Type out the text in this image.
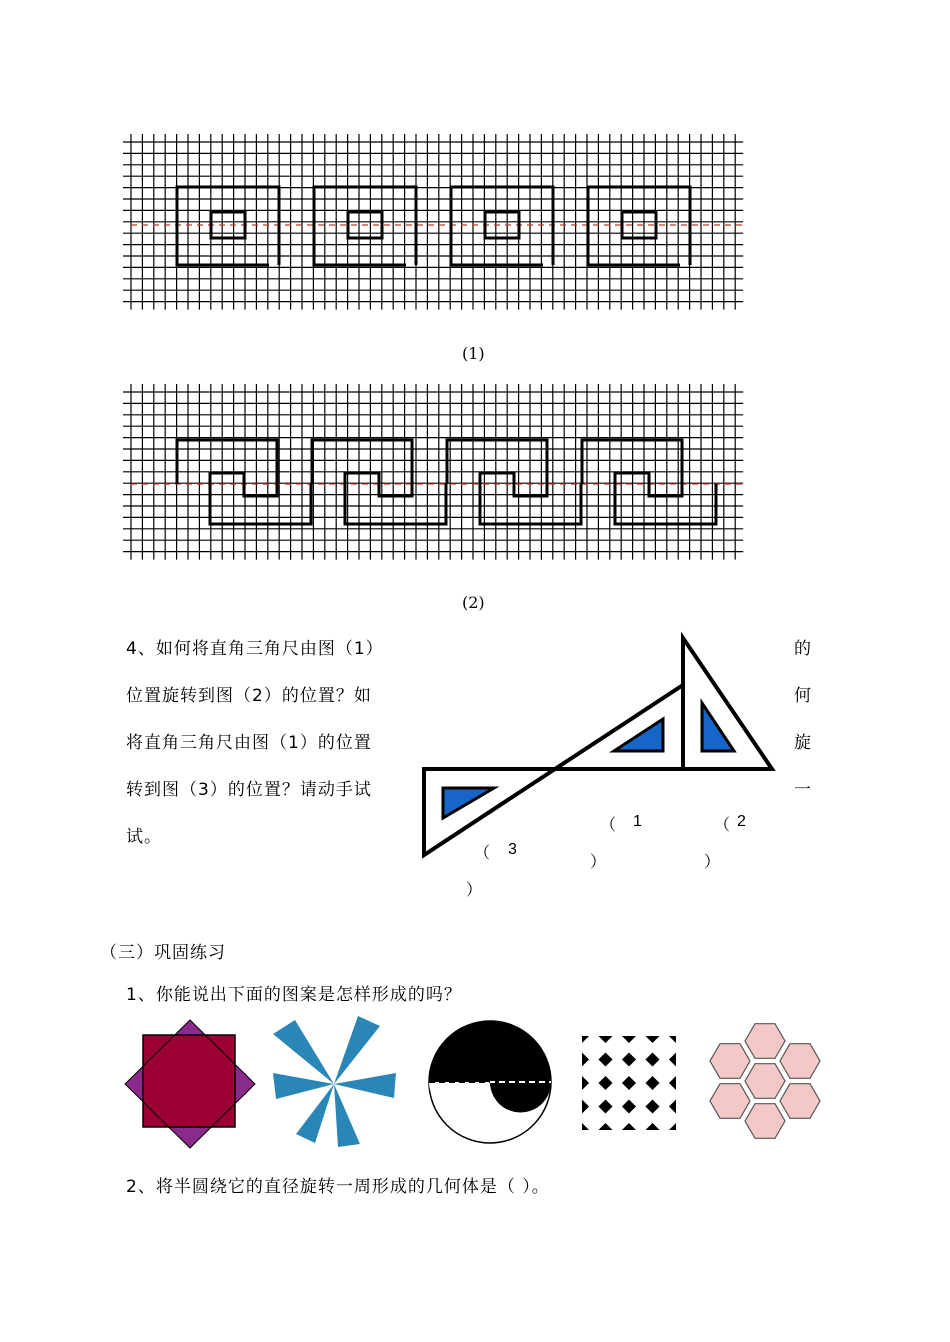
(1)
(2)
4、如何将直角三角尺由图（1）
位置旋转到图（2）的位置？如
将直角三角尺由图（1）的位置
转到图（3）的位置？请动手试
试。
的
何
旋
一
（ 1
）
（ 2
）
（ 3
）
（三）巩固练习
1、你能说出下面的图案是怎样形成的吗？
2、将半圆绕它的直径旋转一周形成的几何体是（ ）。
